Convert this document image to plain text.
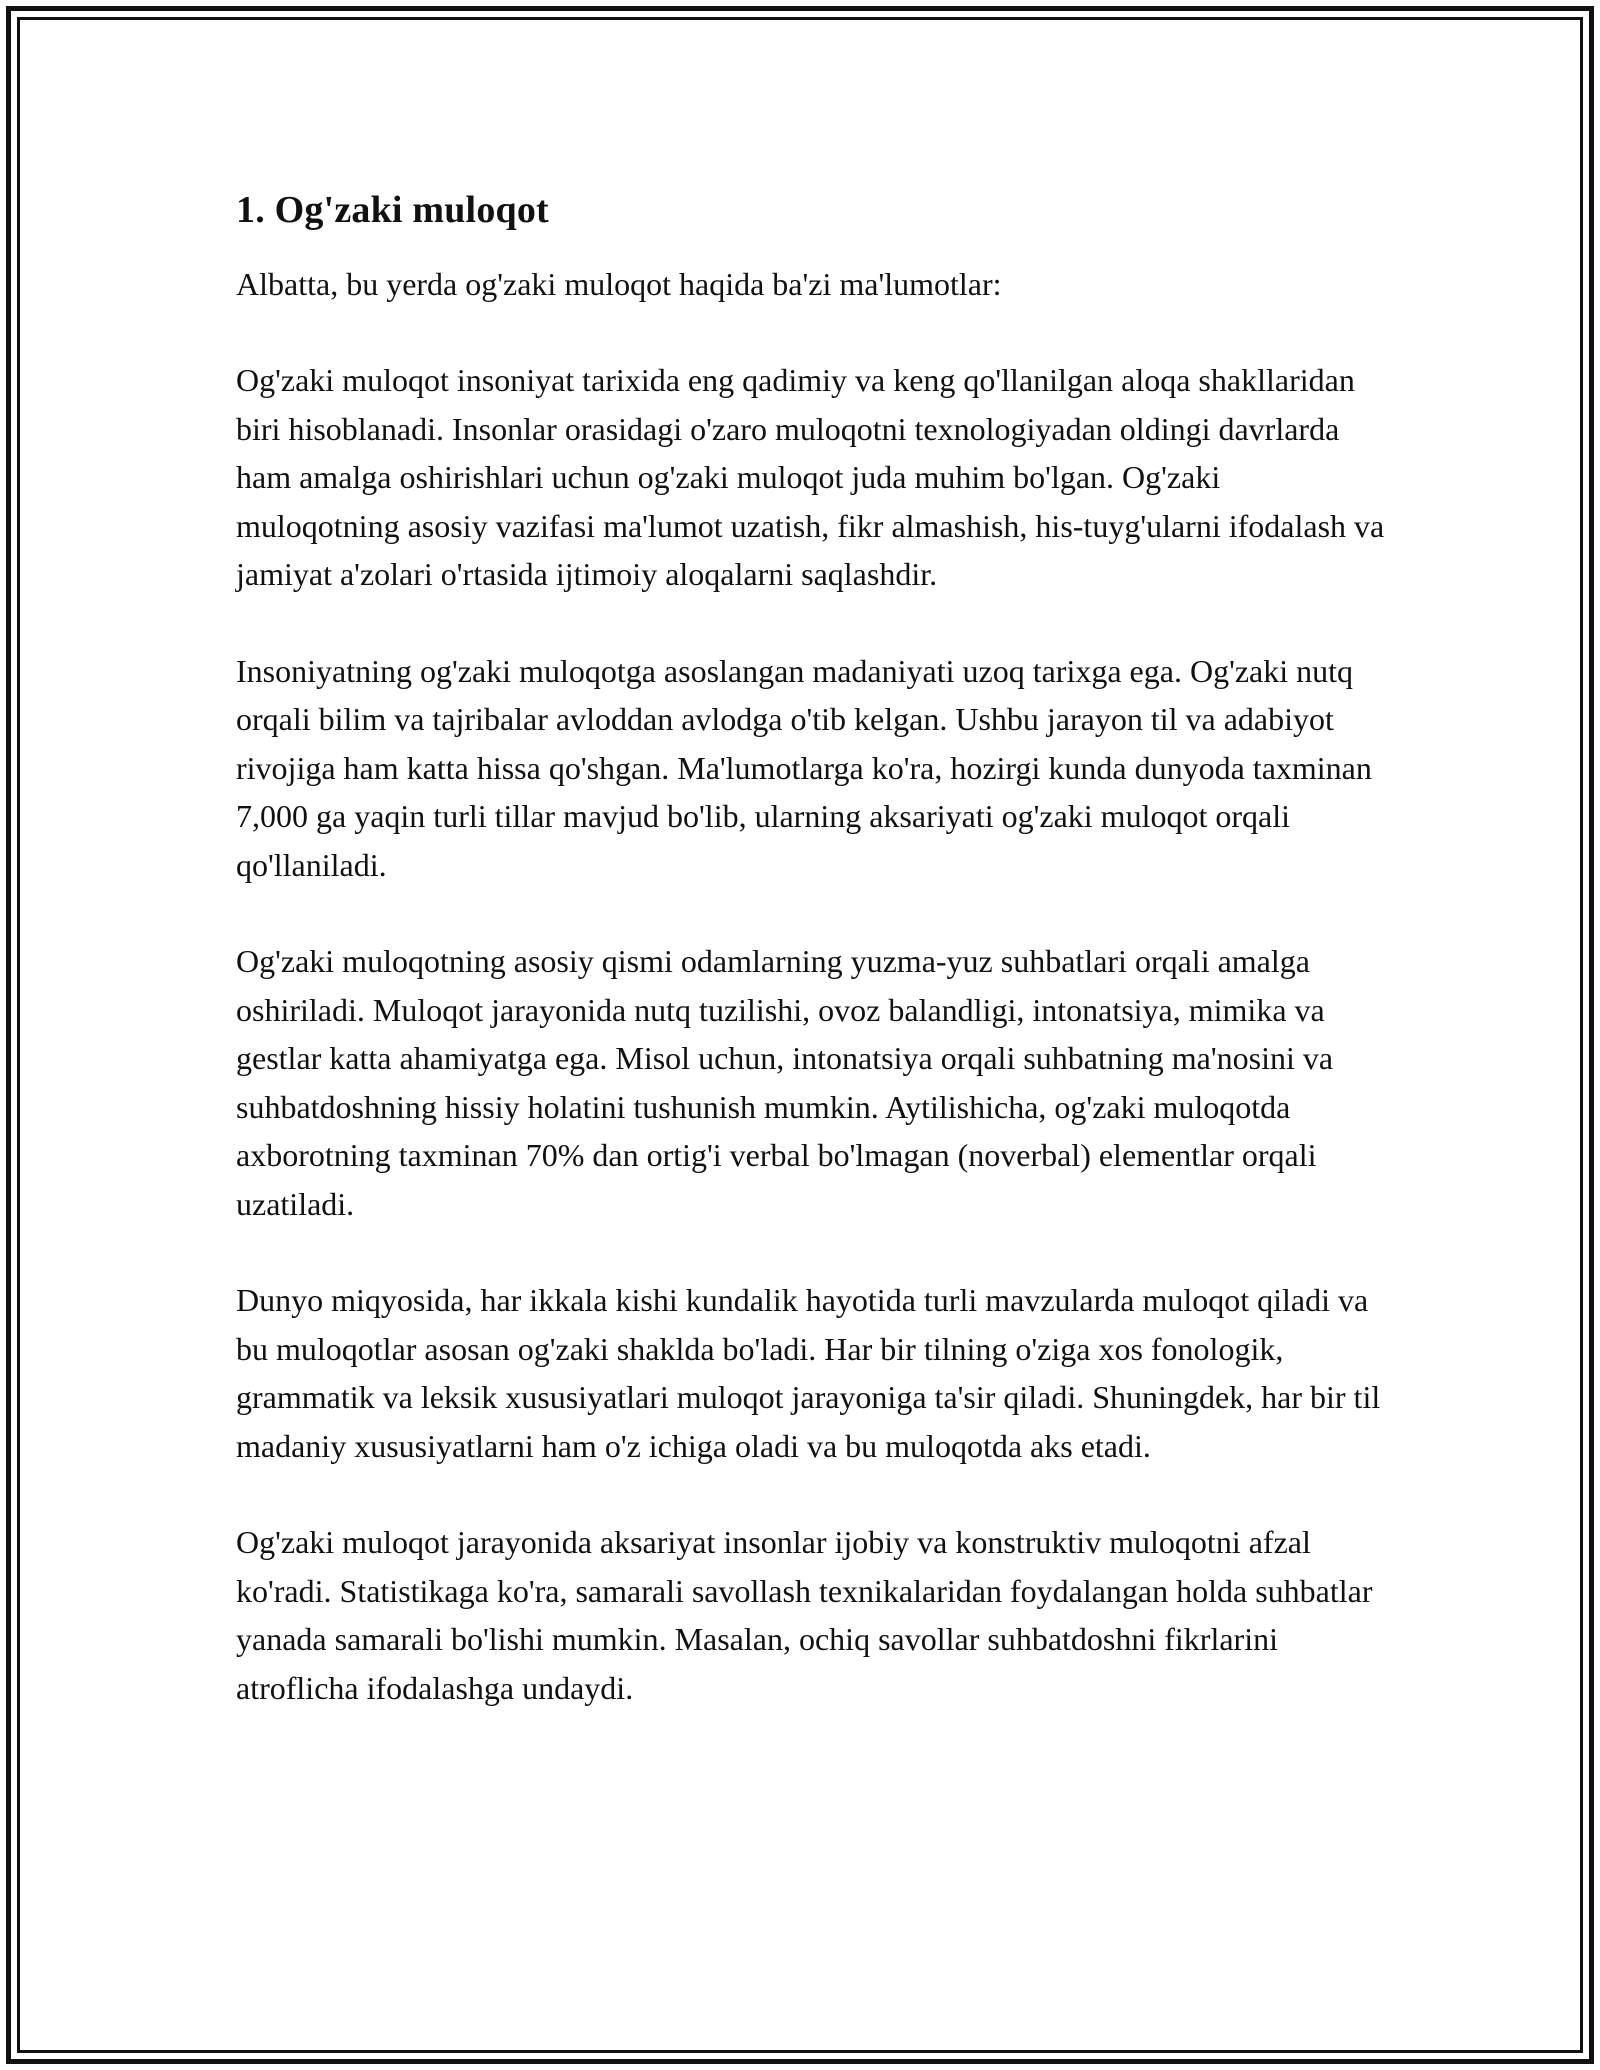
1. Og'zaki muloqot

Albatta, bu yerda og'zaki muloqot haqida ba'zi ma'lumotlar:

Og'zaki muloqot insoniyat tarixida eng qadimiy va keng qo'llanilgan aloqa shakllaridan biri hisoblanadi. Insonlar orasidagi o'zaro muloqotni texnologiyadan oldingi davrlarda ham amalga oshirishlari uchun og'zaki muloqot juda muhim bo'lgan. Og'zaki muloqotning asosiy vazifasi ma'lumot uzatish, fikr almashish, his-tuyg'ularni ifodalash va jamiyat a'zolari o'rtasida ijtimoiy aloqalarni saqlashdir.

Insoniyatning og'zaki muloqotga asoslangan madaniyati uzoq tarixga ega. Og'zaki nutq orqali bilim va tajribalar avloddan avlodga o'tib kelgan. Ushbu jarayon til va adabiyot rivojiga ham katta hissa qo'shgan. Ma'lumotlarga ko'ra, hozirgi kunda dunyoda taxminan 7,000 ga yaqin turli tillar mavjud bo'lib, ularning aksariyati og'zaki muloqot orqali qo'llaniladi.

Og'zaki muloqotning asosiy qismi odamlarning yuzma-yuz suhbatlari orqali amalga oshiriladi. Muloqot jarayonida nutq tuzilishi, ovoz balandligi, intonatsiya, mimika va gestlar katta ahamiyatga ega. Misol uchun, intonatsiya orqali suhbatning ma'nosini va suhbatdoshning hissiy holatini tushunish mumkin. Aytilishicha, og'zaki muloqotda axborotning taxminan 70% dan ortig'i verbal bo'lmagan (noverbal) elementlar orqali uzatiladi.

Dunyo miqyosida, har ikkala kishi kundalik hayotida turli mavzularda muloqot qiladi va bu muloqotlar asosan og'zaki shaklda bo'ladi. Har bir tilning o'ziga xos fonologik, grammatik va leksik xususiyatlari muloqot jarayoniga ta'sir qiladi. Shuningdek, har bir til madaniy xususiyatlarni ham o'z ichiga oladi va bu muloqotda aks etadi.

Og'zaki muloqot jarayonida aksariyat insonlar ijobiy va konstruktiv muloqotni afzal ko'radi. Statistikaga ko'ra, samarali savollash texnikalaridan foydalangan holda suhbatlar yanada samarali bo'lishi mumkin. Masalan, ochiq savollar suhbatdoshni fikrlarini atroflicha ifodalashga undaydi.
